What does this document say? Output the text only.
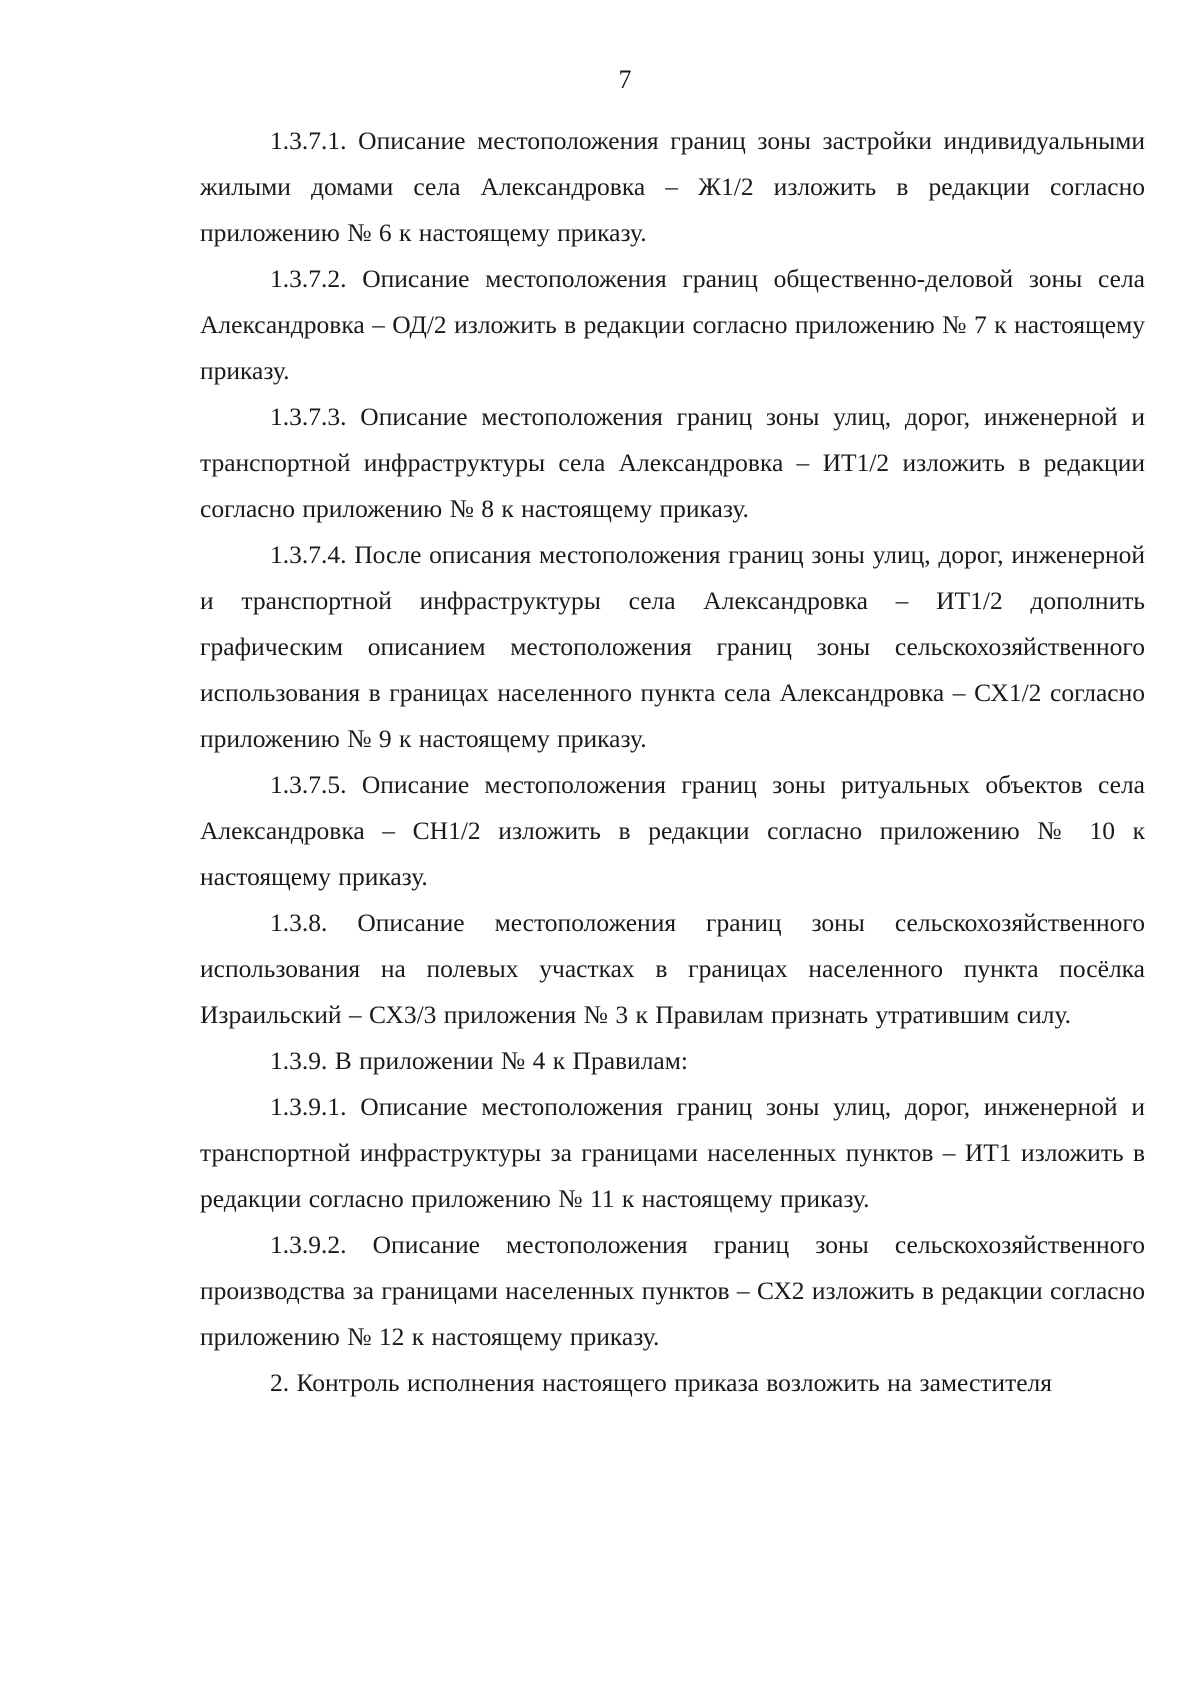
7

1.3.7.1. Описание местоположения границ зоны застройки индивидуальными жилыми домами села Александровка – Ж1/2 изложить в редакции согласно приложению № 6 к настоящему приказу.

1.3.7.2. Описание местоположения границ общественно-деловой зоны села Александровка – ОД/2 изложить в редакции согласно приложению № 7 к настоящему приказу.

1.3.7.3. Описание местоположения границ зоны улиц, дорог, инженерной и транспортной инфраструктуры села Александровка – ИТ1/2 изложить в редакции согласно приложению № 8 к настоящему приказу.

1.3.7.4. После описания местоположения границ зоны улиц, дорог, инженерной и транспортной инфраструктуры села Александровка – ИТ1/2 дополнить графическим описанием местоположения границ зоны сельскохозяйственного использования в границах населенного пункта села Александровка – СХ1/2 согласно приложению № 9 к настоящему приказу.

1.3.7.5. Описание местоположения границ зоны ритуальных объектов села Александровка – СН1/2 изложить в редакции согласно приложению № 10 к настоящему приказу.

1.3.8. Описание местоположения границ зоны сельскохозяйственного использования на полевых участках в границах населенного пункта посёлка Израильский – СХ3/3 приложения № 3 к Правилам признать утратившим силу.

1.3.9. В приложении № 4 к Правилам:

1.3.9.1. Описание местоположения границ зоны улиц, дорог, инженерной и транспортной инфраструктуры за границами населенных пунктов – ИТ1 изложить в редакции согласно приложению № 11 к настоящему приказу.

1.3.9.2. Описание местоположения границ зоны сельскохозяйственного производства за границами населенных пунктов – СХ2 изложить в редакции согласно приложению № 12 к настоящему приказу.

2. Контроль исполнения настоящего приказа возложить на заместителя
